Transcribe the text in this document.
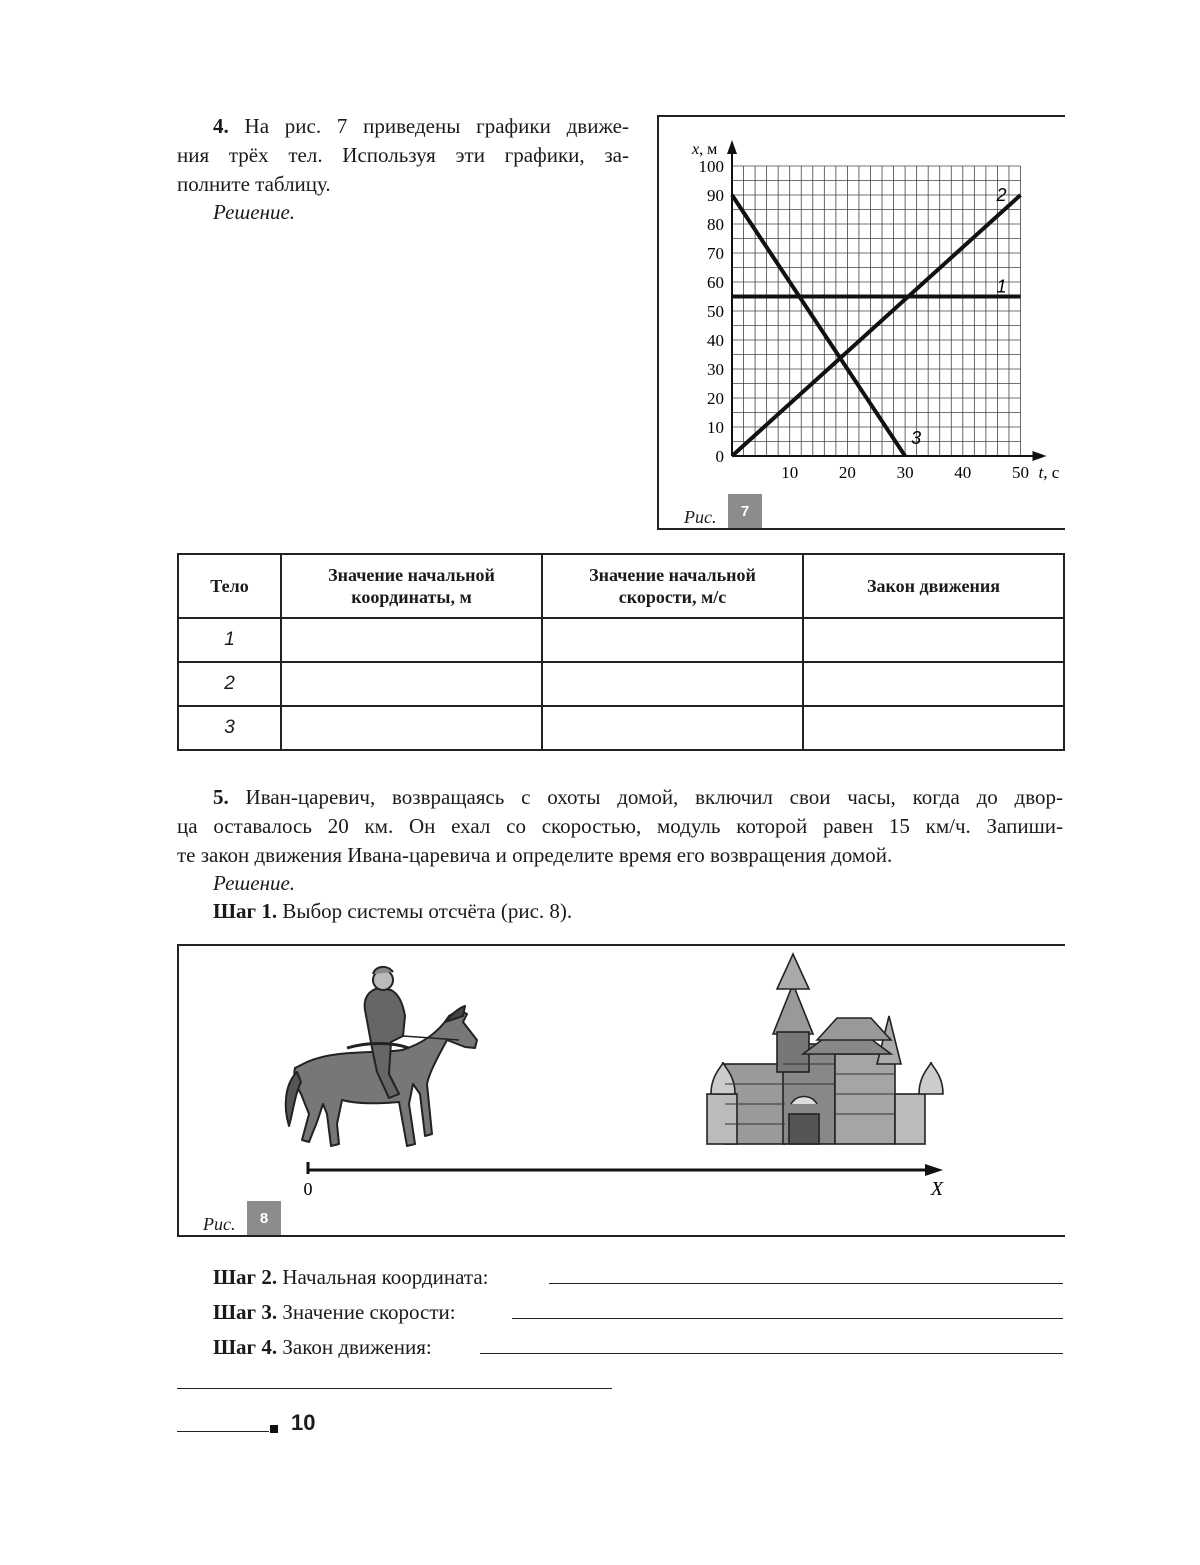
4. На рис. 7 приведены графики движе-
ния трёх тел. Используя эти графики, за-
полните таблицу.
Решение.
Рис.	7
0
10
20
30
40
50
60
70
80
90
100
10 20 30 40 50
x, м
t, с
1
2
3
Тело	Значение начальной координаты, м	Значение начальной скорости, м/с	Закон движения
1			
2			
3			
5. Иван-царевич, возвращаясь с охоты домой, включил свои часы, когда до двор-
ца оставалось 20 км. Он ехал со скоростью, модуль которой равен 15 км/ч. Запиши-
те закон движения Ивана-царевича и определите время его возвращения домой.
Решение.
Шаг 1. Выбор системы отсчёта (рис. 8).
Рис.	8
0	X
Шаг 2. Начальная координата:
Шаг 3. Значение скорости:
Шаг 4. Закон движения:
10
